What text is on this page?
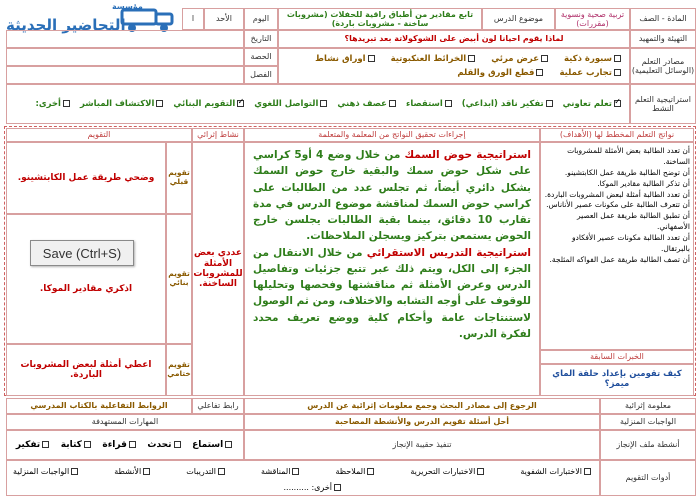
مؤسسة
التحاضير الحديثة	المادة - الصف
تربية صحية ونسوية (مقررات)
موضوع الدرس
تابع مقادير من أطباق راقية للحفلات (مشروبات ساخنة - مشروبات باردة)
اليوم
الأحد
ا
التهيئة والتمهيد
لماذا يقوم احيانا لون أبيض على الشوكولاتة بعد تبريدها؟
التاريخ
مصادر التعلم (الوسائل التعليمية)
سبورة ذكية
عرض مرئي
الخرائط العنكبوتية
اوراق نشاط
تجارب عملية
قطع الورق والقلم
الحصة
الفصل
استراتيجية التعلم النشط
✓تعلم تعاوني
تفكير ناقد (ابداعي)
استقصاء
عصف ذهني
التواصل اللغوي
✓التقويم البنائي
الاكتشاف المباشر
أخرى:
نواتج التعلم المخطط لها (الأهداف)
إجراءات تحقيق النواتج من المعلمة والمتعلمة
نشاط إثرائي
التقويم
أن تعدد الطالبة بعض الأمثلة للمشروبات الساخنة.
أن توضح الطالبة طريقة عمل الكابتشينو.
أن تذكر الطالبة مقادير الموكا.
أن تعدد الطالبة أمثلة لبعض المشروبات الباردة.
أن تتعرف الطالبة على مكونات عصير الأناناس.
أن تطبق الطالبة طريقة عمل العصير الأصفهاني.
أن تعدد الطالبة مكونات عصير الأفكادو بالبرتقال.
أن تصف الطالبة طريقة عمل الفواكه المثلجة.

استراتيجية حوض السمك من خلال وضع 4 أو5 كراسي على شكل حوض سمك والبقية خارج حوض السمك بشكل دائري أيضاً، ثم تجلس عدد من الطالبات على كراسي حوض السمك لمناقشة موضوع الدرس في مدة تقارب 10 دقائق، بينما بقية الطالبات يجلسن خارج الحوض يستمعن بتركيز ويسجلن الملاحظات.

استراتيجية التدريس الاستقرائي من خلال الانتقال من الجزء إلى الكل، ويتم ذلك عبر تتبع جزئيات وتفاصيل الدرس وعرض الأمثلة ثم مناقشتها وفحصها وتحليلها للوقوف على أوجه التشابه والاختلاف، ومن ثم الوصول لاستنتاجات عامة وأحكام كلية ووضع تعريف محدد لفكرة الدرس.

عددي بعض الأمثلة للمشروبات الساخنة.
تقويم قبلي
وضحي طريقة عمل الكابتشينو.
تقويم بنائي
اذكري مقادير الموكا.
تقويم ختامي
اعطي أمثلة لبعض المشروبات الباردة.
الخبرات السابقة
كيف تقومين بإعداد حلقة الماي ميمز؟
Save (Ctrl+S)
معلومة إثرائية
الرجوع إلى مصادر البحث وجمع معلومات إثرائية عن الدرس
رابط تفاعلي
الروابط التفاعلية بالكتاب المدرسي
الواجبات المنزلية
أحل أسئلة تقويم الدرس والأنشطة المصاحبة
المهارات المستهدفة
أنشطة ملف الإنجاز
تنفيذ حقيبة الإنجاز
استماع
تحدث
قراءة
كتابة
تفكير
أدوات التقويم
الاختبارات الشفوية
الاختبارات التحريرية
الملاحظة
المناقشة
التدريبات
الأنشطة
الواجبات المنزلية
أخرى: ..........
